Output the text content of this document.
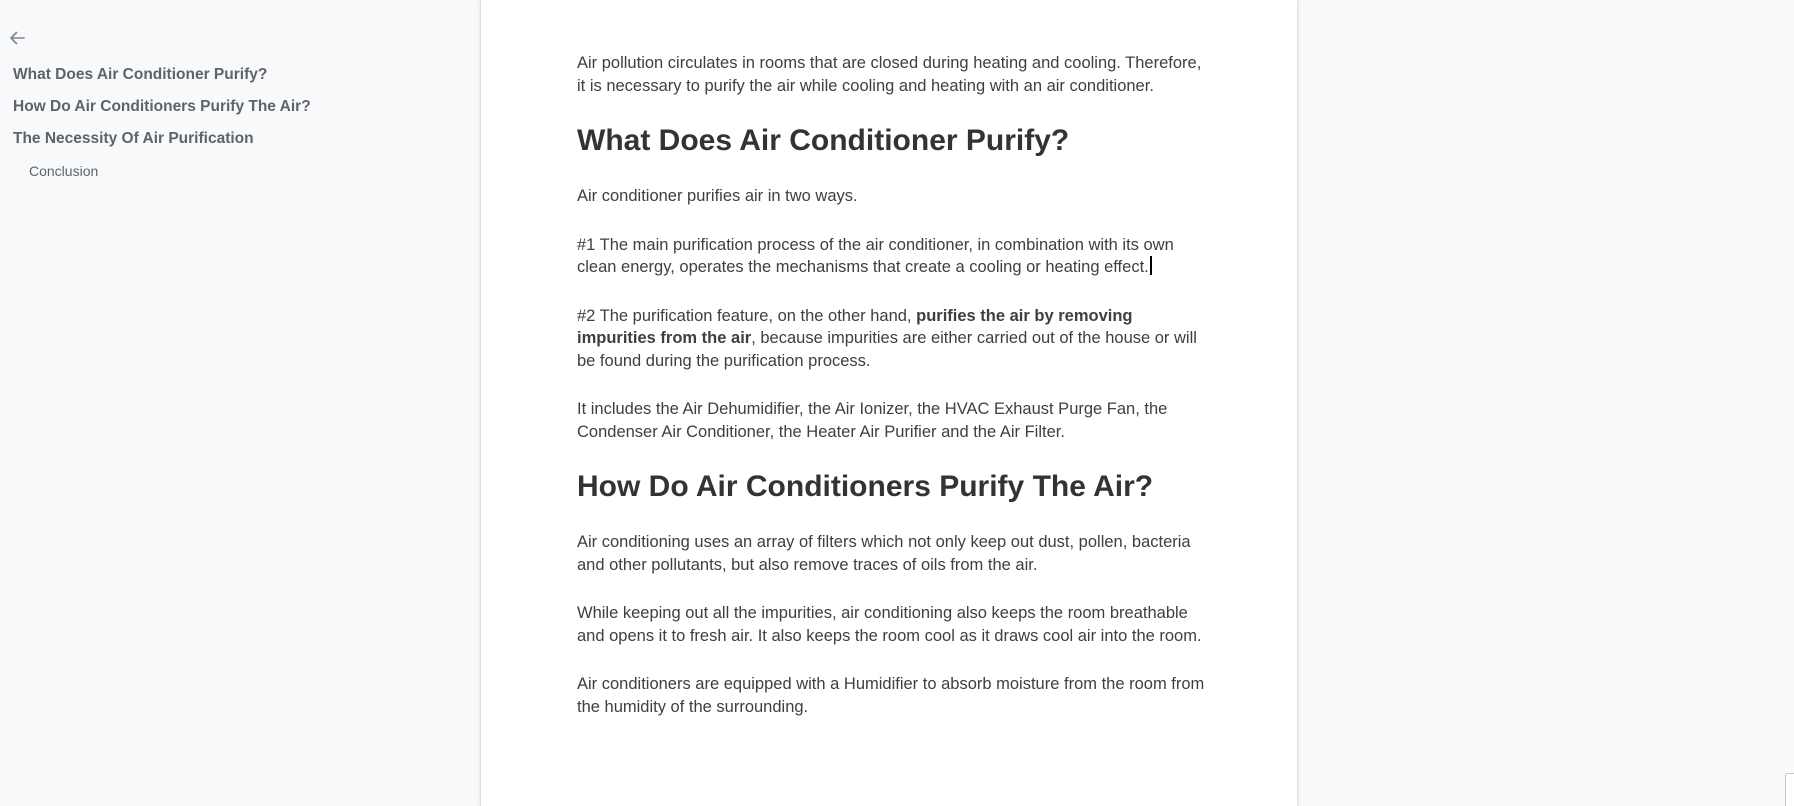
What Does Air Conditioner Purify?
How Do Air Conditioners Purify The Air?
The Necessity Of Air Purification
Conclusion

Air pollution circulates in rooms that are closed during heating and cooling. Therefore, it is necessary to purify the air while cooling and heating with an air conditioner.

What Does Air Conditioner Purify?

Air conditioner purifies air in two ways.

#1 The main purification process of the air conditioner, in combination with its own clean energy, operates the mechanisms that create a cooling or heating effect.

#2 The purification feature, on the other hand, purifies the air by removing impurities from the air, because impurities are either carried out of the house or will be found during the purification process.

It includes the Air Dehumidifier, the Air Ionizer, the HVAC Exhaust Purge Fan, the Condenser Air Conditioner, the Heater Air Purifier and the Air Filter.

How Do Air Conditioners Purify The Air?

Air conditioning uses an array of filters which not only keep out dust, pollen, bacteria and other pollutants, but also remove traces of oils from the air.

While keeping out all the impurities, air conditioning also keeps the room breathable and opens it to fresh air. It also keeps the room cool as it draws cool air into the room.

Air conditioners are equipped with a Humidifier to absorb moisture from the room from the humidity of the surrounding.
